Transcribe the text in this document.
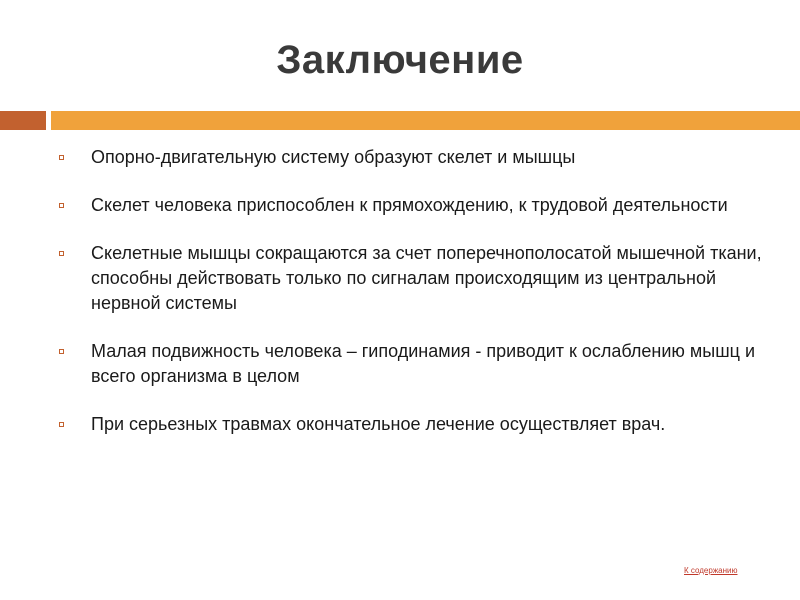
Заключение
Опорно-двигательную систему образуют скелет и мышцы
Скелет человека приспособлен к прямохождению, к трудовой деятельности
Скелетные мышцы сокращаются за счет поперечнополосатой мышечной ткани, способны действовать только по сигналам происходящим из центральной нервной системы
Малая подвижность человека – гиподинамия - приводит к ослаблению мышц и всего организма в целом
При серьезных травмах окончательное лечение осуществляет врач.
К содержанию
